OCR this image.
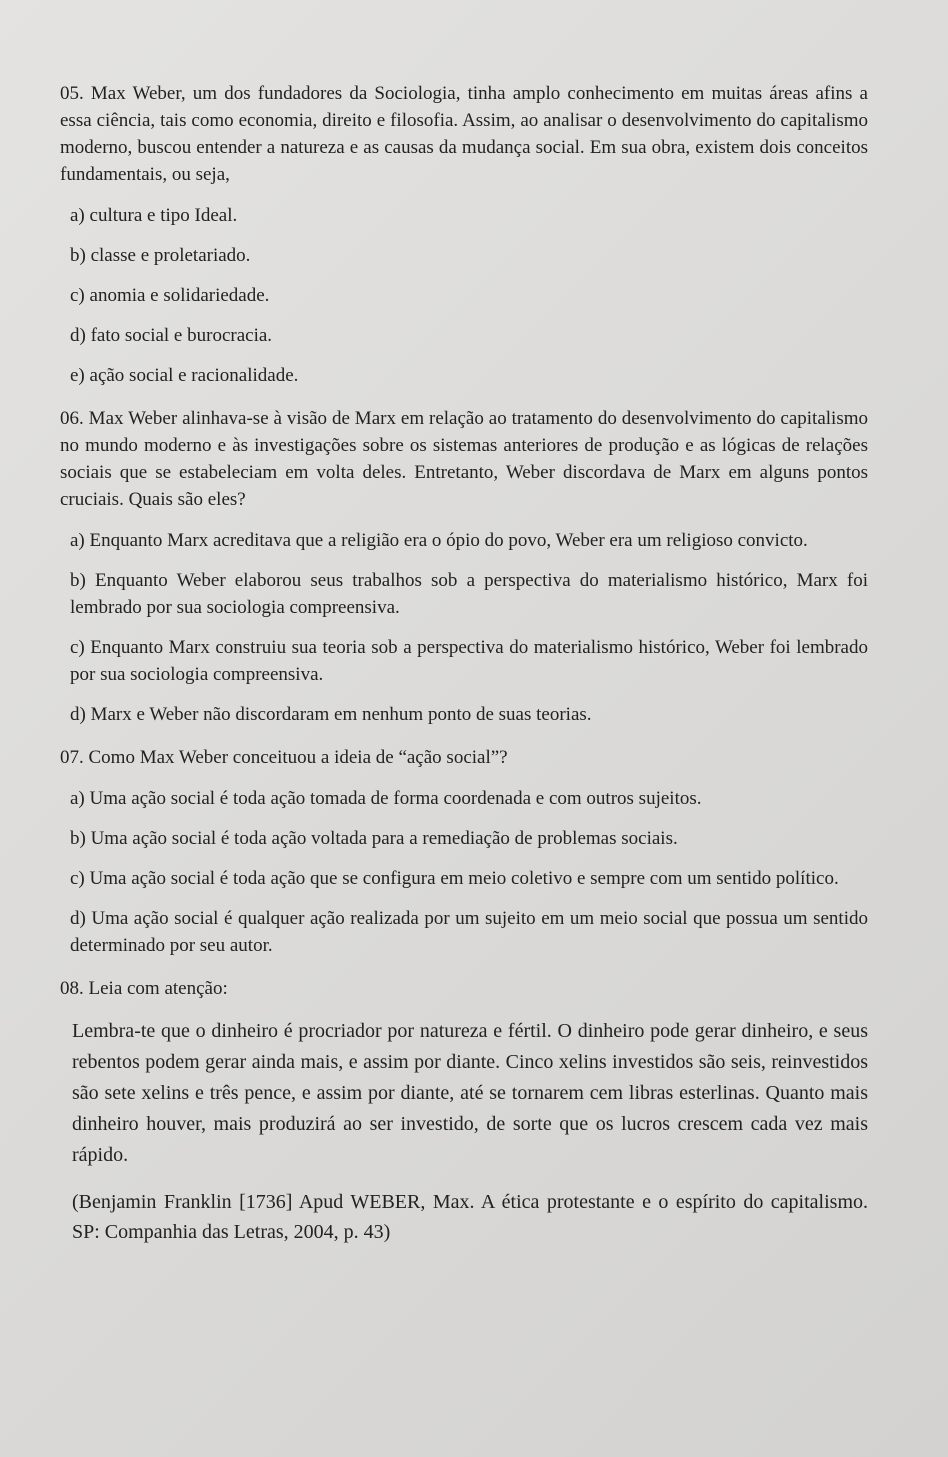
05. Max Weber, um dos fundadores da Sociologia, tinha amplo conhecimento em muitas áreas afins a essa ciência, tais como economia, direito e filosofia. Assim, ao analisar o desenvolvimento do capitalismo moderno, buscou entender a natureza e as causas da mudança social. Em sua obra, existem dois conceitos fundamentais, ou seja,

a) cultura e tipo Ideal.

b) classe e proletariado.

c) anomia e solidariedade.

d) fato social e burocracia.

e) ação social e racionalidade.

06. Max Weber alinhava-se à visão de Marx em relação ao tratamento do desenvolvimento do capitalismo no mundo moderno e às investigações sobre os sistemas anteriores de produção e as lógicas de relações sociais que se estabeleciam em volta deles. Entretanto, Weber discordava de Marx em alguns pontos cruciais. Quais são eles?

a) Enquanto Marx acreditava que a religião era o ópio do povo, Weber era um religioso convicto.

b) Enquanto Weber elaborou seus trabalhos sob a perspectiva do materialismo histórico, Marx foi lembrado por sua sociologia compreensiva.

c) Enquanto Marx construiu sua teoria sob a perspectiva do materialismo histórico, Weber foi lembrado por sua sociologia compreensiva.

d) Marx e Weber não discordaram em nenhum ponto de suas teorias.

07. Como Max Weber conceituou a ideia de “ação social”?

a) Uma ação social é toda ação tomada de forma coordenada e com outros sujeitos.

b) Uma ação social é toda ação voltada para a remediação de problemas sociais.

c) Uma ação social é toda ação que se configura em meio coletivo e sempre com um sentido político.

d) Uma ação social é qualquer ação realizada por um sujeito em um meio social que possua um sentido determinado por seu autor.

08. Leia com atenção:

Lembra-te que o dinheiro é procriador por natureza e fértil. O dinheiro pode gerar dinheiro, e seus rebentos podem gerar ainda mais, e assim por diante. Cinco xelins investidos são seis, reinvestidos são sete xelins e três pence, e assim por diante, até se tornarem cem libras esterlinas. Quanto mais dinheiro houver, mais produzirá ao ser investido, de sorte que os lucros crescem cada vez mais rápido.

(Benjamin Franklin [1736] Apud WEBER, Max. A ética protestante e o espírito do capitalismo. SP: Companhia das Letras, 2004, p. 43)
